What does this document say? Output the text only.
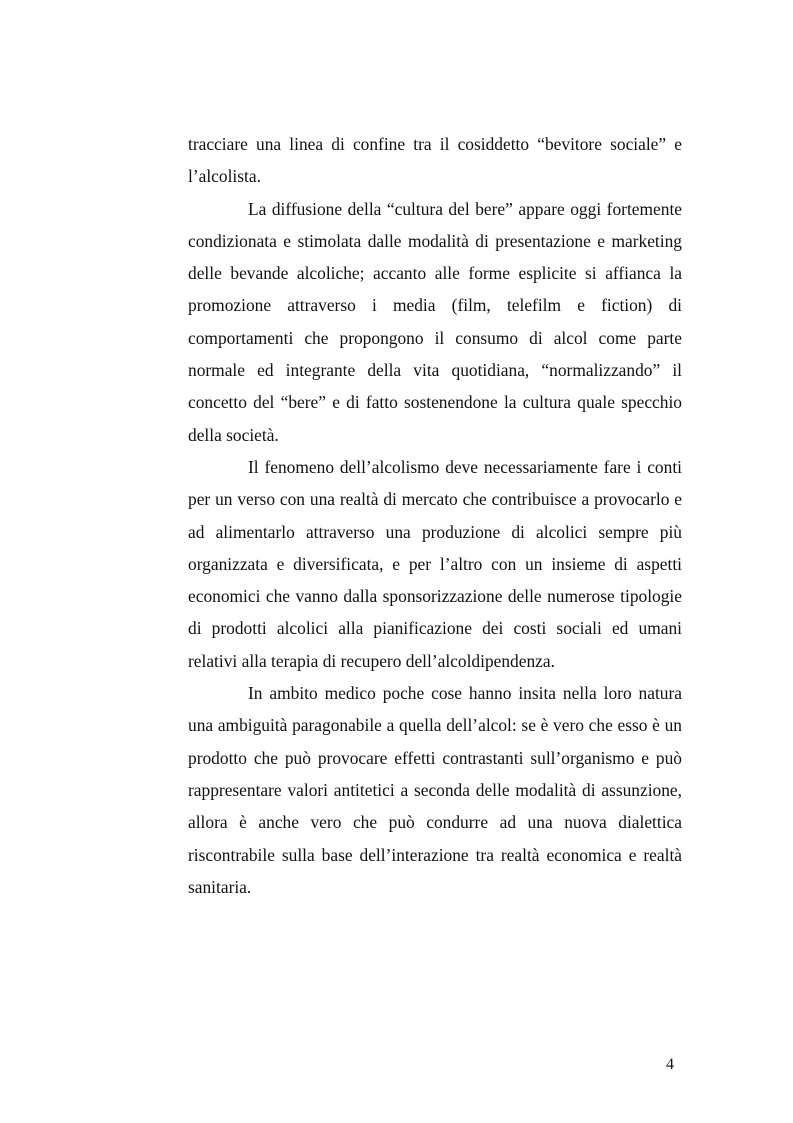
tracciare una linea di confine tra il cosiddetto “bevitore sociale” e l’alcolista.

La diffusione della “cultura del bere” appare oggi fortemente condizionata e stimolata dalle modalità di presentazione e marketing delle bevande alcoliche; accanto alle forme esplicite si affianca la promozione attraverso i media (film, telefilm e fiction) di comportamenti che propongono il consumo di alcol come parte normale ed integrante della vita quotidiana, “normalizzando” il concetto del “bere” e di fatto sostenendone la cultura quale specchio della società.

Il fenomeno dell’alcolismo deve necessariamente fare i conti per un verso con una realtà di mercato che contribuisce a provocarlo e ad alimentarlo attraverso una produzione di alcolici sempre più organizzata e diversificata, e per l’altro con un insieme di aspetti economici che vanno dalla sponsorizzazione delle numerose tipologie di prodotti alcolici alla pianificazione dei costi sociali ed umani relativi alla terapia di recupero dell’alcoldipendenza.

In ambito medico poche cose hanno insita nella loro natura una ambiguità paragonabile a quella dell’alcol: se è vero che esso è un prodotto che può provocare effetti contrastanti sull’organismo e può rappresentare valori antitetici a seconda delle modalità di assunzione, allora è anche vero che può condurre ad una nuova dialettica riscontrabile sulla base dell’interazione tra realtà economica e realtà sanitaria.

4
